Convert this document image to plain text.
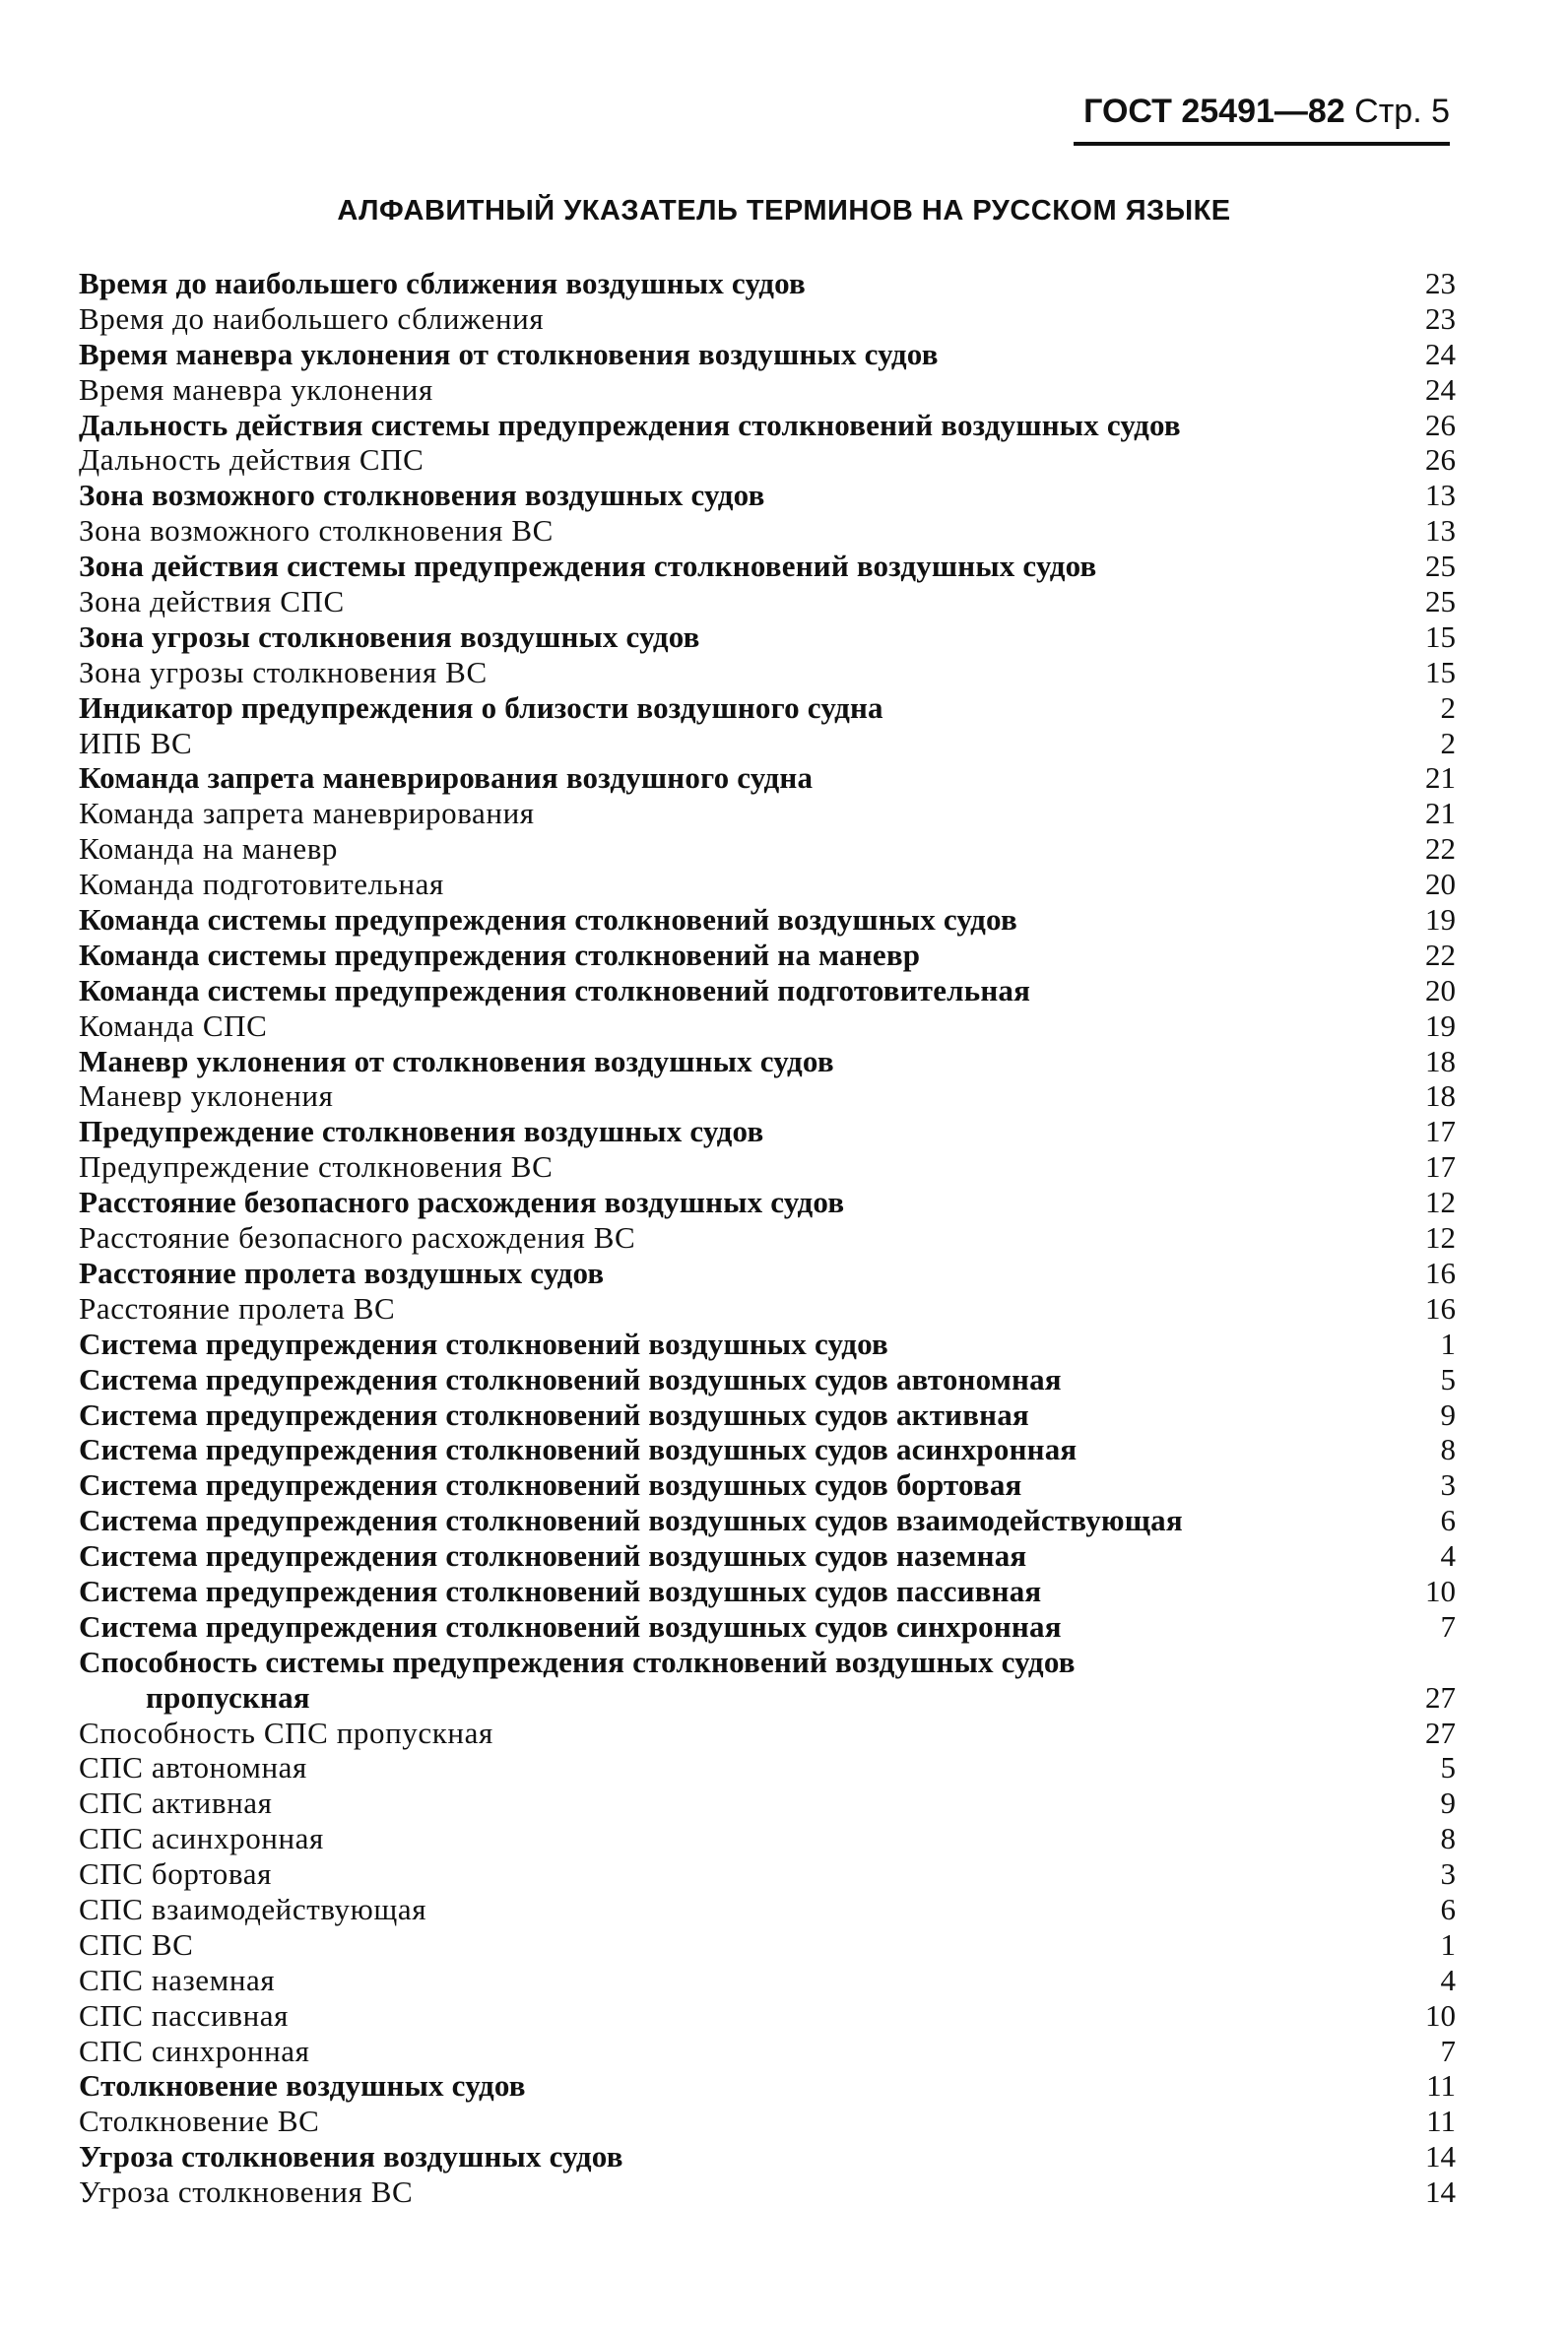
ГОСТ 25491—82 Стр. 5
АЛФАВИТНЫЙ УКАЗАТЕЛЬ ТЕРМИНОВ НА РУССКОМ ЯЗЫКЕ
Время до наибольшего сближения воздушных судов	23
Время до наибольшего сближения	23
Время маневра уклонения от столкновения воздушных судов	24
Время маневра уклонения	24
Дальность действия системы предупреждения столкновений воздушных судов	26
Дальность действия СПС	26
Зона возможного столкновения воздушных судов	13
Зона возможного столкновения ВС	13
Зона действия системы предупреждения столкновений воздушных судов	25
Зона действия СПС	25
Зона угрозы столкновения воздушных судов	15
Зона угрозы столкновения ВС	15
Индикатор предупреждения о близости воздушного судна	2
ИПБ ВС	2
Команда запрета маневрирования воздушного судна	21
Команда запрета маневрирования	21
Команда на маневр	22
Команда подготовительная	20
Команда системы предупреждения столкновений воздушных судов	19
Команда системы предупреждения столкновений на маневр	22
Команда системы предупреждения столкновений подготовительная	20
Команда СПС	19
Маневр уклонения от столкновения воздушных судов	18
Маневр уклонения	18
Предупреждение столкновения воздушных судов	17
Предупреждение столкновения ВС	17
Расстояние безопасного расхождения воздушных судов	12
Расстояние безопасного расхождения ВС	12
Расстояние пролета воздушных судов	16
Расстояние пролета ВС	16
Система предупреждения столкновений воздушных судов	1
Система предупреждения столкновений воздушных судов автономная	5
Система предупреждения столкновений воздушных судов активная	9
Система предупреждения столкновений воздушных судов асинхронная	8
Система предупреждения столкновений воздушных судов бортовая	3
Система предупреждения столкновений воздушных судов взаимодействующая	6
Система предупреждения столкновений воздушных судов наземная	4
Система предупреждения столкновений воздушных судов пассивная	10
Система предупреждения столкновений воздушных судов синхронная	7
Способность системы предупреждения столкновений воздушных судов
пропускная	27
Способность СПС пропускная	27
СПС автономная	5
СПС активная	9
СПС асинхронная	8
СПС бортовая	3
СПС взаимодействующая	6
СПС ВС	1
СПС наземная	4
СПС пассивная	10
СПС синхронная	7
Столкновение воздушных судов	11
Столкновение ВС	11
Угроза столкновения воздушных судов	14
Угроза столкновения ВС	14
